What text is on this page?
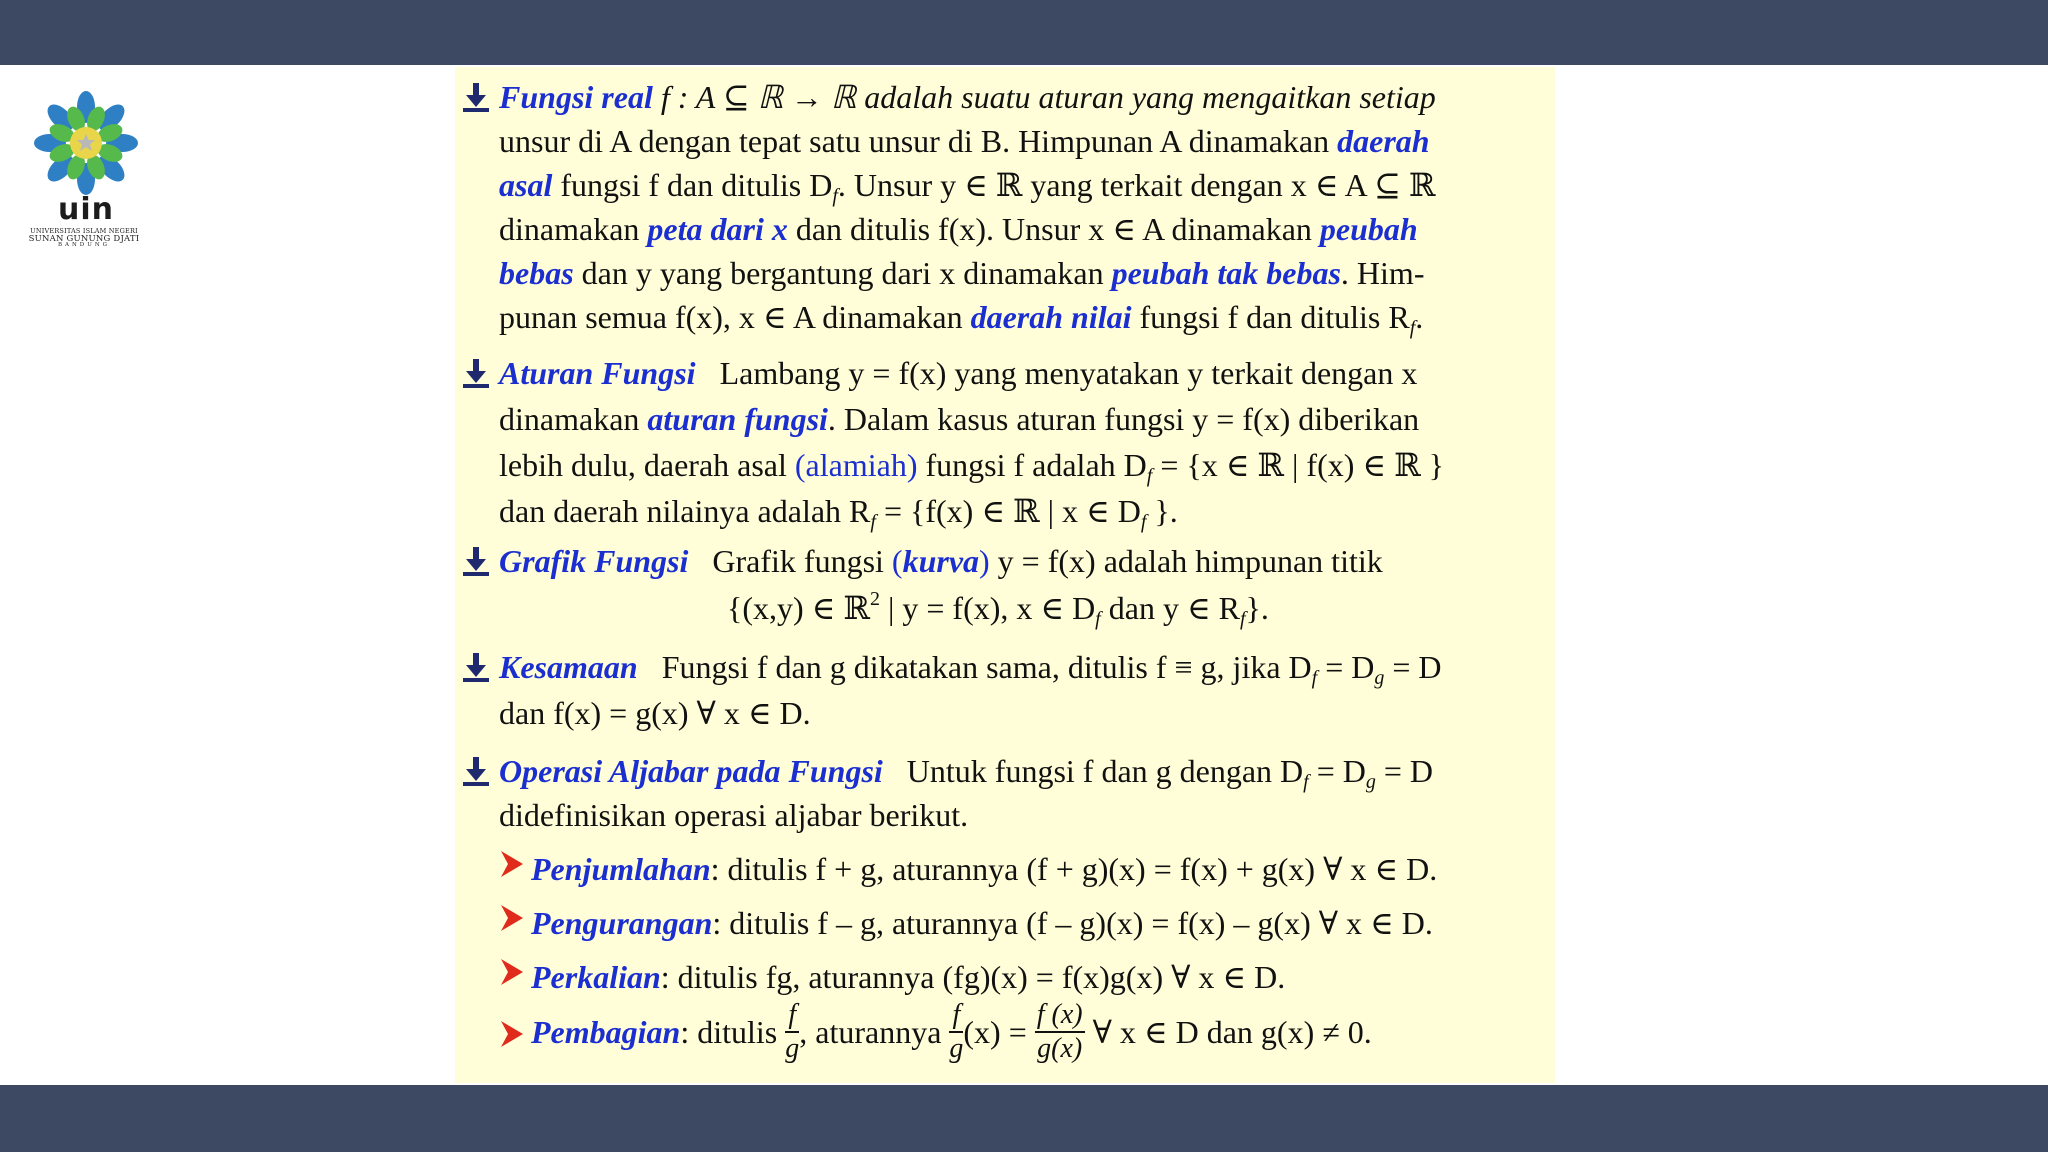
uin
UNIVERSITAS ISLAM NEGERI
SUNAN GUNUNG DJATI
BANDUNG
Fungsi real f : A ⊆ ℝ → ℝ adalah suatu aturan yang mengaitkan setiap
unsur di A dengan tepat satu unsur di B. Himpunan A dinamakan daerah
asal fungsi f dan ditulis $D_f$. Unsur y ∈ ℝ yang terkait dengan x ∈ A ⊆ ℝ
dinamakan peta dari x dan ditulis f(x). Unsur x ∈ A dinamakan peubah
bebas dan y yang bergantung dari x dinamakan peubah tak bebas. Him-
punan semua f(x), x ∈ A dinamakan daerah nilai fungsi f dan ditulis $R_f$.
Aturan Fungsi Lambang y = f(x) yang menyatakan y terkait dengan x
dinamakan aturan fungsi. Dalam kasus aturan fungsi y = f(x) diberikan
lebih dulu, daerah asal (alamiah) fungsi f adalah $D_f = \{x$ ∈ ℝ | f(x) ∈ ℝ }
dan daerah nilainya adalah $R_f = \{f(x)$ ∈ ℝ | x ∈ $D_f$ }.
Grafik Fungsi Grafik fungsi (kurva) y = f(x) adalah himpunan titik
{(x,y) ∈ ℝ$^2$ | y = f(x), x ∈ $D_f$ dan y ∈ $R_f$}.
Kesamaan Fungsi f dan g dikatakan sama, ditulis f ≡ g, jika $D_f = D_g = D$
dan f(x) = g(x) ∀ x ∈ D.
Operasi Aljabar pada Fungsi Untuk fungsi f dan g dengan $D_f = D_g = D$
didefinisikan operasi aljabar berikut.
Penjumlahan: ditulis f + g, aturannya (f + g)(x) = f(x) + g(x) ∀ x ∈ D.
Pengurangan: ditulis f – g, aturannya (f – g)(x) = f(x) – g(x) ∀ x ∈ D.
Perkalian: ditulis fg, aturannya (fg)(x) = f(x)g(x) ∀ x ∈ D.
Pembagian: ditulis $\frac{f}{g}$ , aturannya $\frac{f}{g} (x) = \frac{f (x)}{g(x)}$ ∀ x ∈ D dan g(x) ≠ 0.
